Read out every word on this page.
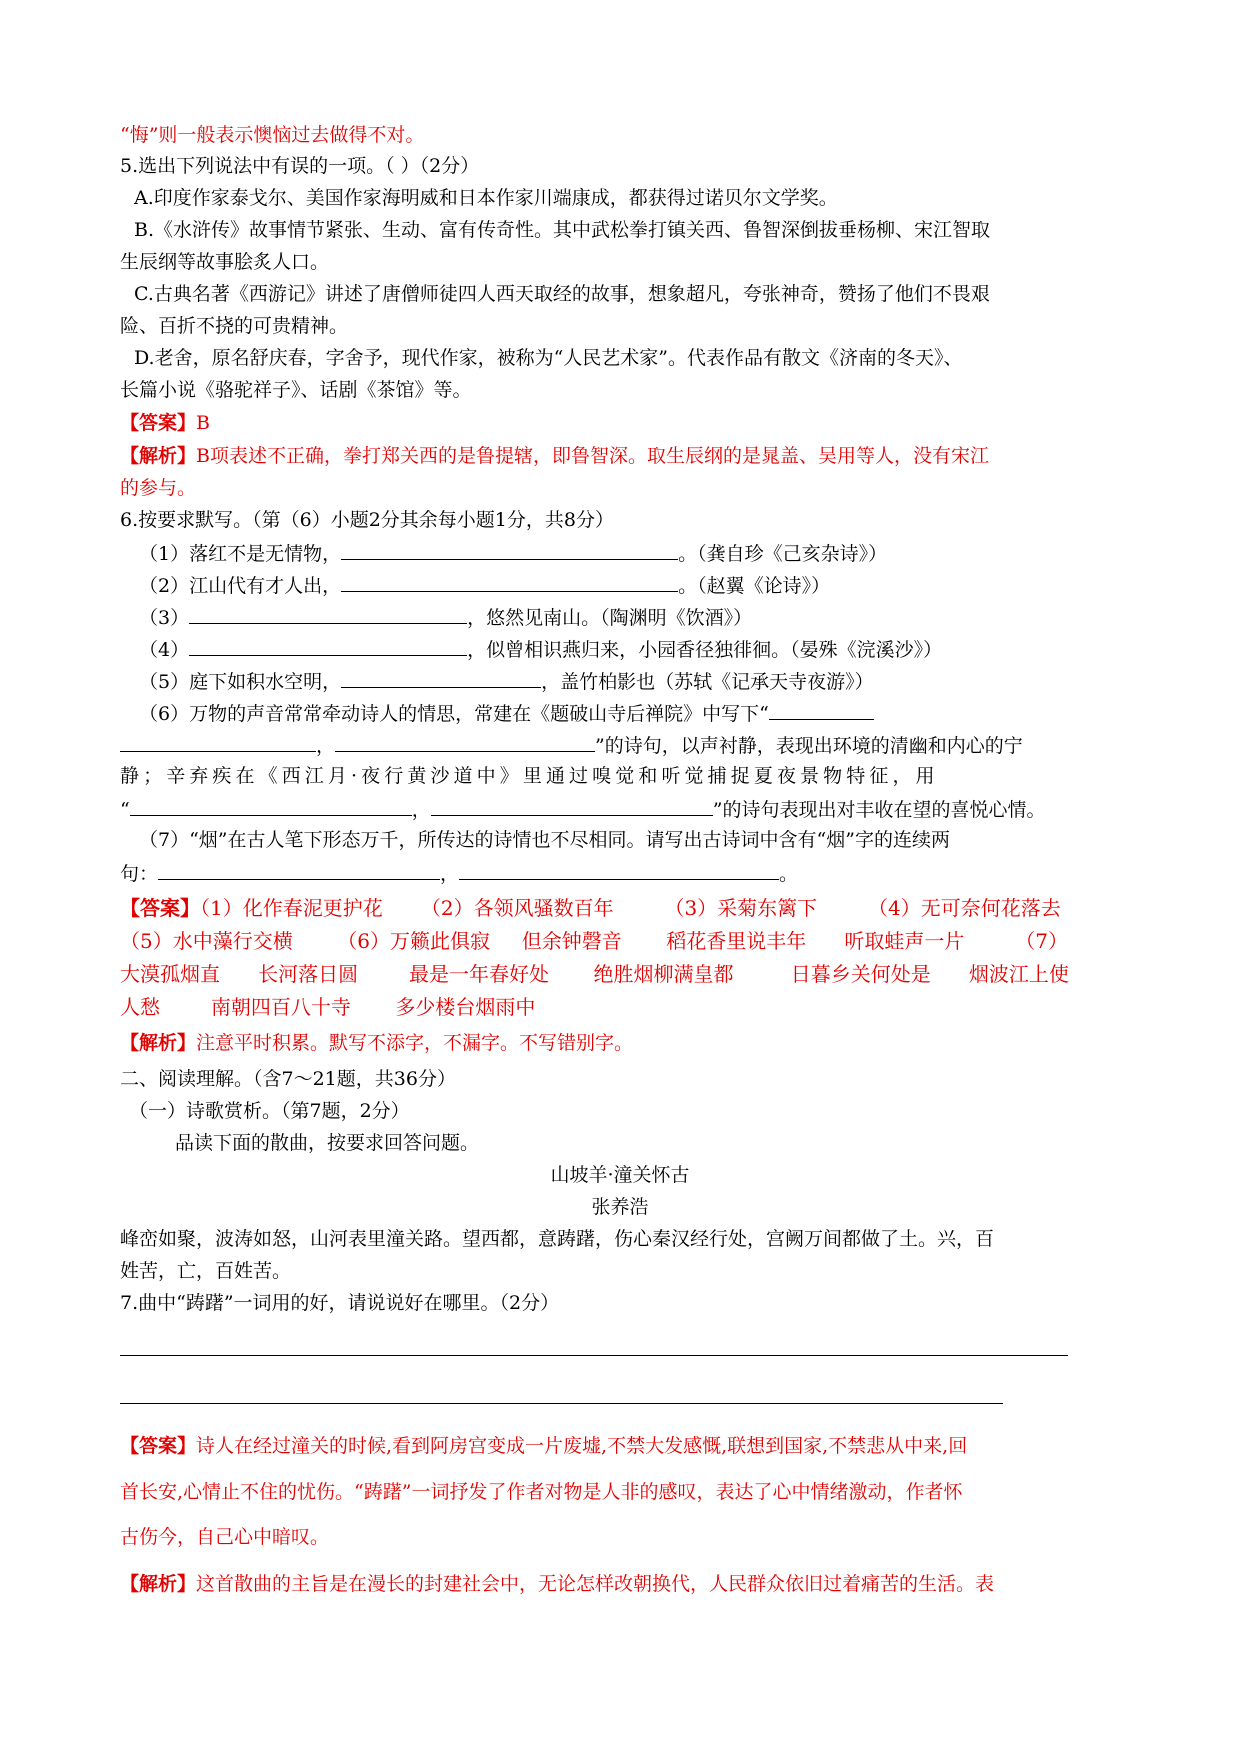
“悔”则一般表示懊恼过去做得不对。
5.选出下列说法中有误的一项。（ ）（2分）
A.印度作家泰戈尔、美国作家海明威和日本作家川端康成，都获得过诺贝尔文学奖。
B.《水浒传》故事情节紧张、生动、富有传奇性。其中武松拳打镇关西、鲁智深倒拔垂杨柳、宋江智取
生辰纲等故事脍炙人口。
C.古典名著《西游记》讲述了唐僧师徒四人西天取经的故事，想象超凡，夸张神奇，赞扬了他们不畏艰
险、百折不挠的可贵精神。
D.老舍，原名舒庆春，字舍予，现代作家，被称为“人民艺术家”。代表作品有散文《济南的冬天》、
长篇小说《骆驼祥子》、话剧《茶馆》等。
【答案】B
【解析】B项表述不正确，拳打郑关西的是鲁提辖，即鲁智深。取生辰纲的是晁盖、吴用等人，没有宋江
的参与。
6.按要求默写。（第（6）小题2分其余每小题1分，共8分）
（1）落红不是无情物，	。（龚自珍《己亥杂诗》）
（2）江山代有才人出，	。（赵翼《论诗》）
（3）	，悠然见南山。（陶渊明《饮酒》）
（4）	，似曾相识燕归来，小园香径独徘徊。（晏殊《浣溪沙》）
（5）庭下如积水空明，	，盖竹柏影也（苏轼《记承天寺夜游》）
（6）万物的声音常常牵动诗人的情思，常建在《题破山寺后禅院》中写下“
，	”的诗句，以声衬静，表现出环境的清幽和内心的宁
静；辛弃疾在《西江月·夜行黄沙道中》里通过嗅觉和听觉捕捉夏夜景物特征，用
“	，	”的诗句表现出对丰收在望的喜悦心情。
（7）“烟”在古人笔下形态万千，所传达的诗情也不尽相同。请写出古诗词中含有“烟”字的连续两
句：	，	。
【答案】（1）化作春泥更护花      （2）各领风骚数百年        （3）采菊东篱下        （4）无可奈何花落去
（5）水中藻行交横       （6）万籁此俱寂     但余钟磬音       稻花香里说丰年      听取蛙声一片        （7）
大漠孤烟直      长河落日圆        最是一年春好处       绝胜烟柳满皇都         日暮乡关何处是      烟波江上使
人愁        南朝四百八十寺       多少楼台烟雨中
【解析】注意平时积累。默写不添字，不漏字。不写错别字。
二、阅读理解。（含7～21题，共36分）
（一）诗歌赏析。（第7题，2分）
品读下面的散曲，按要求回答问题。
山坡羊·潼关怀古
张养浩
峰峦如聚，波涛如怒，山河表里潼关路。望西都，意踌躇，伤心秦汉经行处，宫阙万间都做了土。兴，百
姓苦，亡，百姓苦。
7.曲中“踌躇”一词用的好，请说说好在哪里。（2分）
【答案】诗人在经过潼关的时候,看到阿房宫变成一片废墟,不禁大发感慨,联想到国家,不禁悲从中来,回
首长安,心情止不住的忧伤。“踌躇”一词抒发了作者对物是人非的感叹，表达了心中情绪激动，作者怀
古伤今，自己心中暗叹。
【解析】这首散曲的主旨是在漫长的封建社会中，无论怎样改朝换代，人民群众依旧过着痛苦的生活。表
